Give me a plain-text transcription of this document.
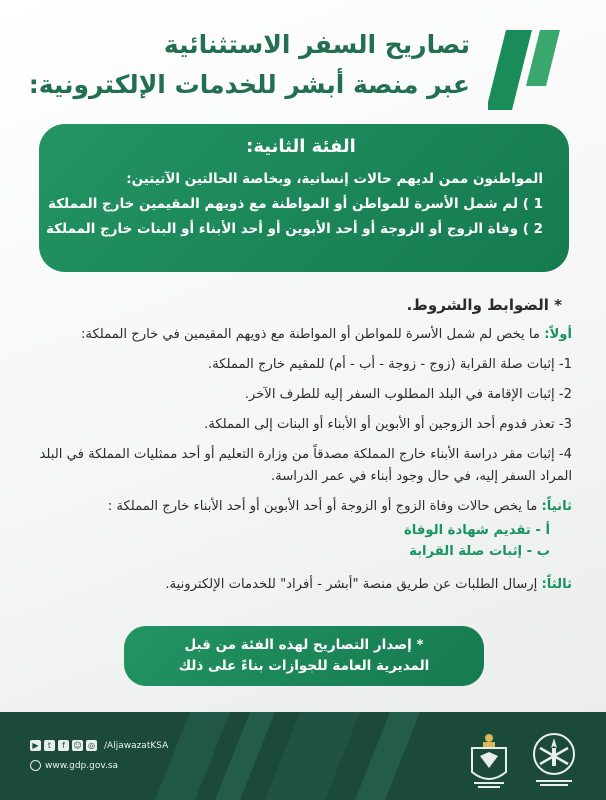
تصاريح السفر الاستثنائية
عبر منصة أبشر للخدمات الإلكترونية:
الفئة الثانية:
المواطنون ممن لديهم حالات إنسانية، وبخاصة الحالتين الآتيتين:
1 ) لم شمل الأسرة للمواطن أو المواطنة مع ذويهم المقيمين خارج المملكة
2 ) وفاة الزوج أو الزوجة أو أحد الأبوين أو أحد الأبناء أو البنات خارج المملكة
* الضوابط والشروط.
أولاً: ما يخص لم شمل الأسرة للمواطن أو المواطنة مع ذويهم المقيمين في خارج المملكة:
1- إثبات صلة القرابة (زوج - زوجة - أب - أم) للمقيم خارج المملكة.
2- إثبات الإقامة في البلد المطلوب السفر إليه للطرف الآخر.
3- تعذر قدوم أحد الزوجين أو الأبوين أو الأبناء أو البنات إلى المملكة.
4- إثبات مقر دراسة الأبناء خارج المملكة مصدقاً من وزارة التعليم أو أحد ممثليات المملكة في البلد المراد السفر إليه، في حال وجود أبناء في عمر الدراسة.
ثانياً: ما يخص حالات وفاة الزوج أو الزوجة أو أحد الأبوين أو أحد الأبناء خارج المملكة :
أ - تقديم شهادة الوفاة
ب - إثبات صلة القرابة
ثالثاً: إرسال الطلبات عن طريق منصة "أبشر - أفراد" للخدمات الإلكترونية.
* إصدار التصاريح لهذه الفئة من قبل
المديرية العامة للجوازات بناءً على ذلك
▶	t	f	☺ ◎ /AljawazatKSA
www.gdp.gov.sa
